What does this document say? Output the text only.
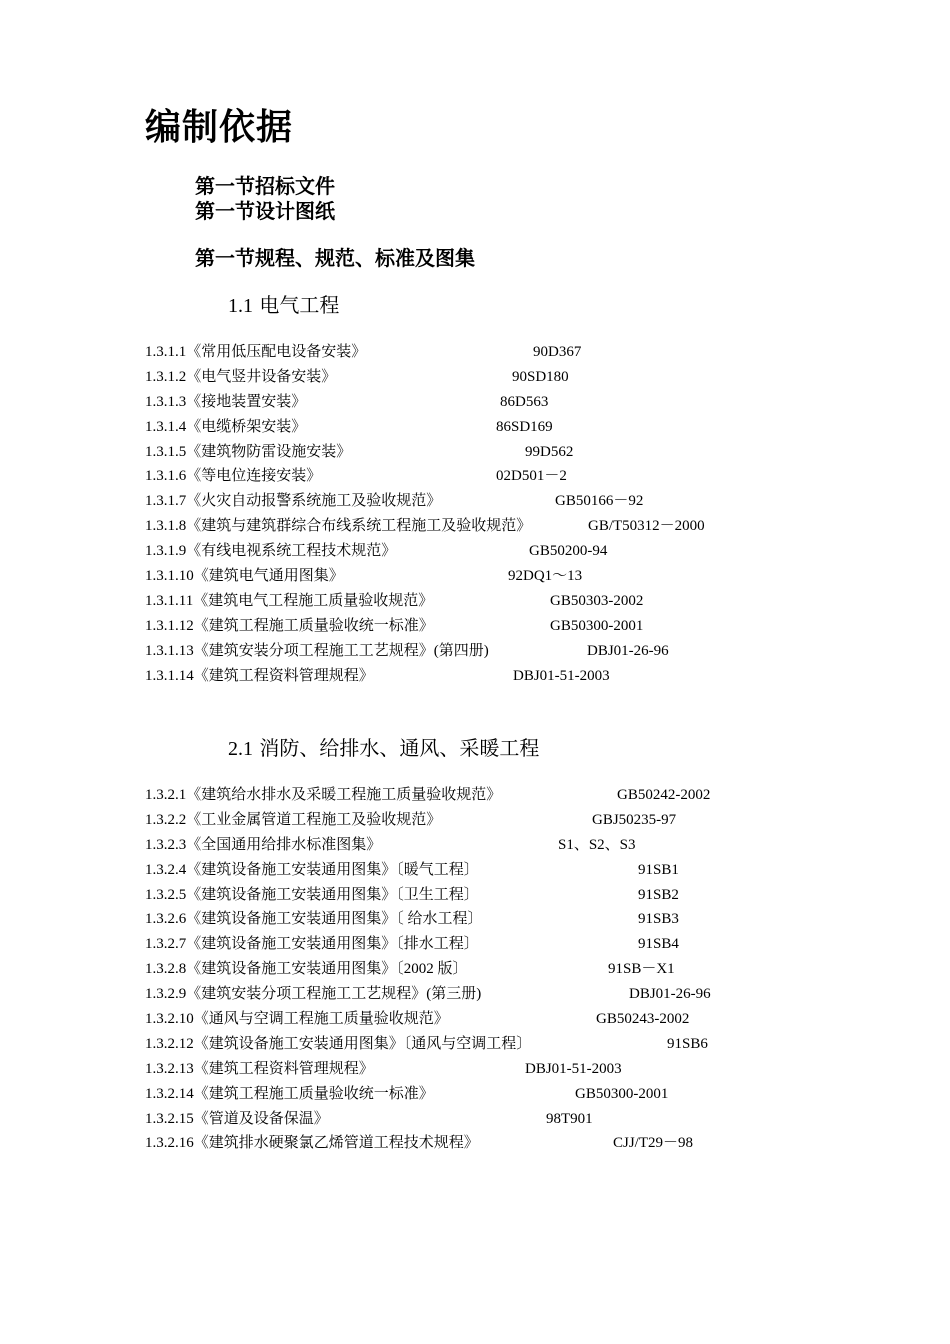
编制依据

第一节招标文件

第一节设计图纸

第一节规程、规范、标准及图集

1.1 电气工程

1.3.1.1《常用低压配电设备安装》	90D367
1.3.1.2《电气竖井设备安装》	90SD180
1.3.1.3《接地装置安装》	86D563
1.3.1.4《电缆桥架安装》	86SD169
1.3.1.5《建筑物防雷设施安装》	99D562
1.3.1.6《等电位连接安装》	02D501－2
1.3.1.7《火灾自动报警系统施工及验收规范》	GB50166－92
1.3.1.8《建筑与建筑群综合布线系统工程施工及验收规范》	GB/T50312－2000
1.3.1.9《有线电视系统工程技术规范》	GB50200-94
1.3.1.10《建筑电气通用图集》	92DQ1～13
1.3.1.11《建筑电气工程施工质量验收规范》	GB50303-2002
1.3.1.12《建筑工程施工质量验收统一标准》	GB50300-2001
1.3.1.13《建筑安装分项工程施工工艺规程》(第四册)	DBJ01-26-96
1.3.1.14《建筑工程资料管理规程》	DBJ01-51-2003

2.1 消防、给排水、通风、采暖工程

1.3.2.1《建筑给水排水及采暖工程施工质量验收规范》	GB50242-2002
1.3.2.2《工业金属管道工程施工及验收规范》	GBJ50235-97
1.3.2.3《全国通用给排水标准图集》	S1、S2、S3
1.3.2.4《建筑设备施工安装通用图集》〔暖气工程〕	91SB1
1.3.2.5《建筑设备施工安装通用图集》〔卫生工程〕	91SB2
1.3.2.6《建筑设备施工安装通用图集》〔 给水工程〕	91SB3
1.3.2.7《建筑设备施工安装通用图集》〔排水工程〕	91SB4
1.3.2.8《建筑设备施工安装通用图集》〔2002 版〕	91SB－X1
1.3.2.9《建筑安装分项工程施工工艺规程》(第三册)	DBJ01-26-96
1.3.2.10《通风与空调工程施工质量验收规范》	GB50243-2002
1.3.2.12《建筑设备施工安装通用图集》〔通风与空调工程〕	91SB6
1.3.2.13《建筑工程资料管理规程》	DBJ01-51-2003
1.3.2.14《建筑工程施工质量验收统一标准》	GB50300-2001
1.3.2.15《管道及设备保温》	98T901
1.3.2.16《建筑排水硬聚氯乙烯管道工程技术规程》	CJJ/T29－98
